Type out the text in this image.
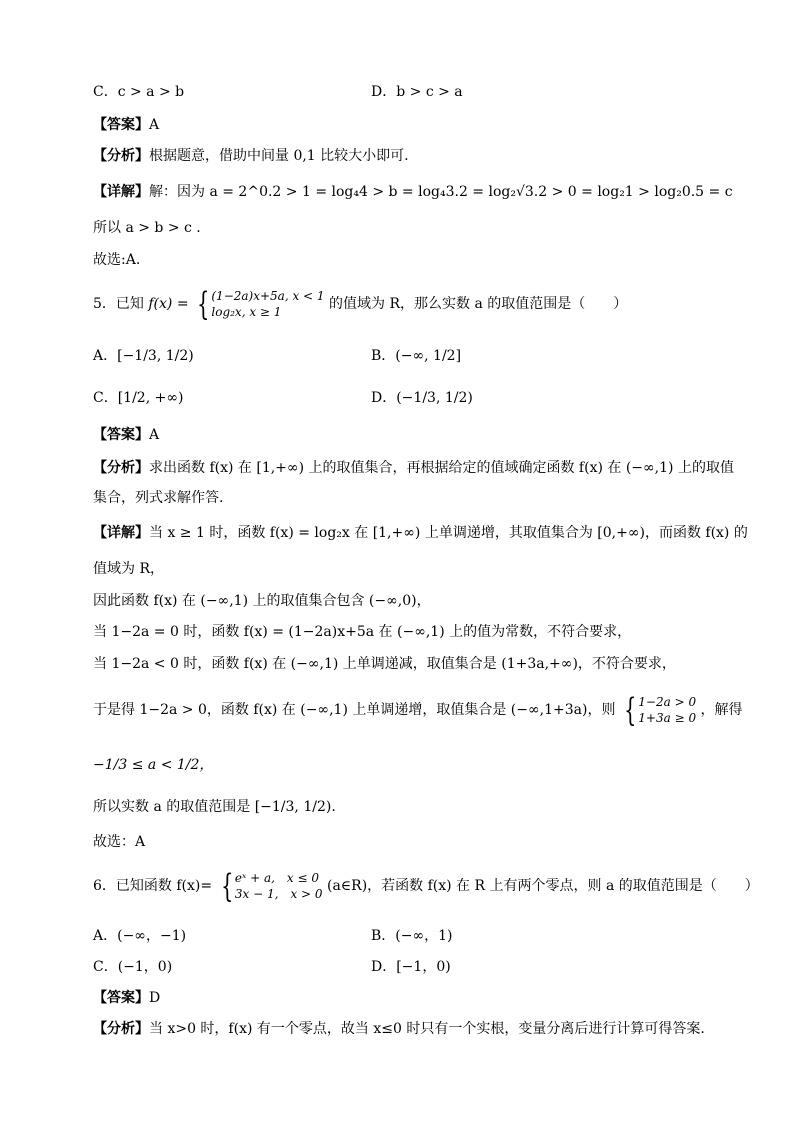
C．c > a > b	D．b > c > a
【答案】A
【分析】根据题意，借助中间量 0,1 比较大小即可.
【详解】解：因为 a = 2^0.2 > 1 = log₄4 > b = log₄3.2 = log₂√3.2 > 0 = log₂1 > log₂0.5 = c
所以 a > b > c .
故选:A.
5．已知 f(x) = { (1−2a)x+5a, x < 1
log₂x, x ≥ 1	的值域为 R，那么实数 a 的取值范围是（　　）
A．[−1/3, 1/2)	B．(−∞, 1/2]
C．[1/2, +∞)	D．(−1/3, 1/2)
【答案】A
【分析】求出函数 f(x) 在 [1,+∞) 上的取值集合，再根据给定的值域确定函数 f(x) 在 (−∞,1) 上的取值
集合，列式求解作答.
【详解】当 x ≥ 1 时，函数 f(x) = log₂x 在 [1,+∞) 上单调递增，其取值集合为 [0,+∞)，而函数 f(x) 的
值域为 R，
因此函数 f(x) 在 (−∞,1) 上的取值集合包含 (−∞,0)，
当 1−2a = 0 时，函数 f(x) = (1−2a)x+5a 在 (−∞,1) 上的值为常数，不符合要求，
当 1−2a < 0 时，函数 f(x) 在 (−∞,1) 上单调递减，取值集合是 (1+3a,+∞)，不符合要求，
于是得 1−2a > 0，函数 f(x) 在 (−∞,1) 上单调递增，取值集合是 (−∞,1+3a)，则 { 1−2a > 0
1+3a ≥ 0 ，解得
−1/3 ≤ a < 1/2，
所以实数 a 的取值范围是 [−1/3, 1/2).
故选：A
6．已知函数 f(x)= { eˣ + a,　x ≤ 0
3x − 1,　x > 0 (a∈R)，若函数 f(x) 在 R 上有两个零点，则 a 的取值范围是（　　）
A．(−∞，−1)	B．(−∞，1)
C．(−1，0)	D．[−1，0)
【答案】D
【分析】当 x>0 时，f(x) 有一个零点，故当 x≤0 时只有一个实根，变量分离后进行计算可得答案.
